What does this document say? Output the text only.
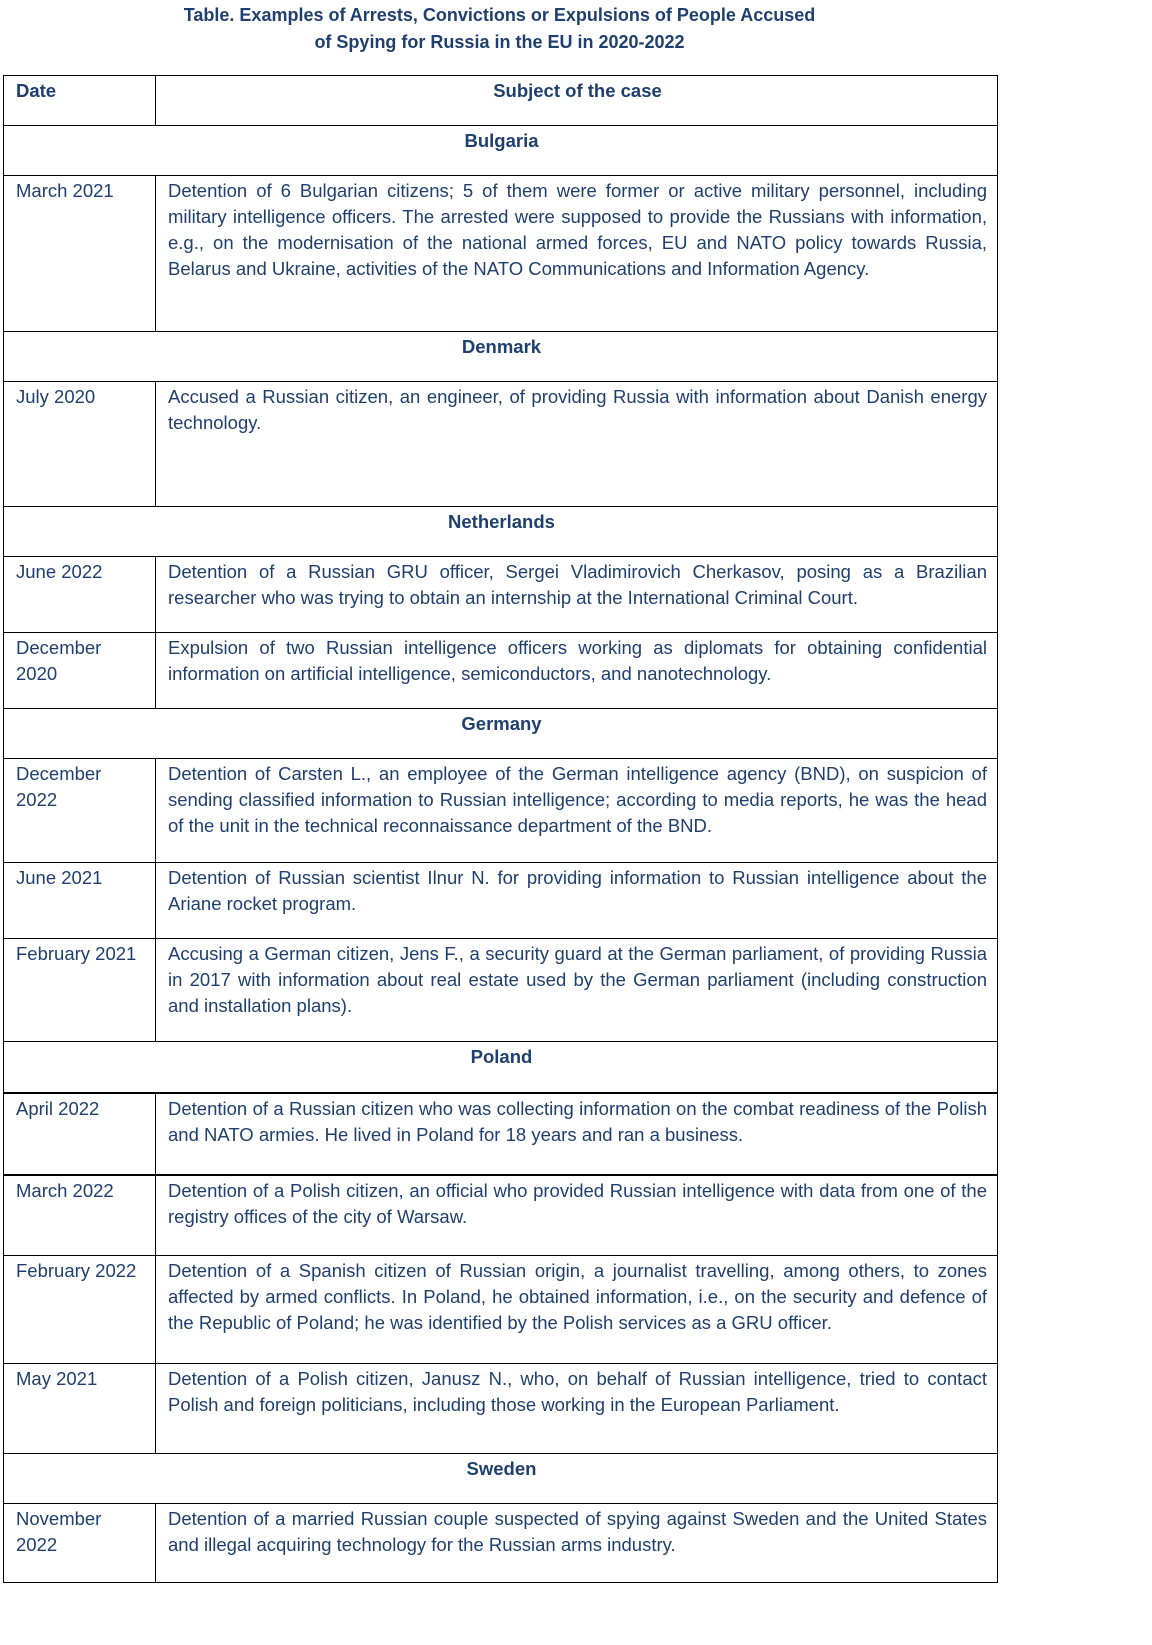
Table. Examples of Arrests, Convictions or Expulsions of People Accused
of Spying for Russia in the EU in 2020-2022
Date	Subject of the case
Bulgaria	
March 2021	Detention of 6 Bulgarian citizens; 5 of them were former or active military personnel, including military intelligence officers. The arrested were supposed to provide the Russians with information, e.g., on the modernisation of the national armed forces, EU and NATO policy towards Russia, Belarus and Ukraine, activities of the NATO Communications and Information Agency.
Denmark	
July 2020	Accused a Russian citizen, an engineer, of providing Russia with information about Danish energy technology.
Netherlands	
June 2022	Detention of a Russian GRU officer, Sergei Vladimirovich Cherkasov, posing as a Brazilian researcher who was trying to obtain an internship at the International Criminal Court.
December 2020	Expulsion of two Russian intelligence officers working as diplomats for obtaining confidential information on artificial intelligence, semiconductors, and nanotechnology.
Germany	
December 2022	Detention of Carsten L., an employee of the German intelligence agency (BND), on suspicion of sending classified information to Russian intelligence; according to media reports, he was the head of the unit in the technical reconnaissance department of the BND.
June 2021	Detention of Russian scientist Ilnur N. for providing information to Russian intelligence about the Ariane rocket program.
February 2021	Accusing a German citizen, Jens F., a security guard at the German parliament, of providing Russia in 2017 with information about real estate used by the German parliament (including construction and installation plans).
Poland	
April 2022	Detention of a Russian citizen who was collecting information on the combat readiness of the Polish and NATO armies. He lived in Poland for 18 years and ran a business.
March 2022	Detention of a Polish citizen, an official who provided Russian intelligence with data from one of the registry offices of the city of Warsaw.
February 2022	Detention of a Spanish citizen of Russian origin, a journalist travelling, among others, to zones affected by armed conflicts. In Poland, he obtained information, i.e., on the security and defence of the Republic of Poland; he was identified by the Polish services as a GRU officer.
May 2021	Detention of a Polish citizen, Janusz N., who, on behalf of Russian intelligence, tried to contact Polish and foreign politicians, including those working in the European Parliament.
Sweden	
November 2022	Detention of a married Russian couple suspected of spying against Sweden and the United States and illegal acquiring technology for the Russian arms industry.
